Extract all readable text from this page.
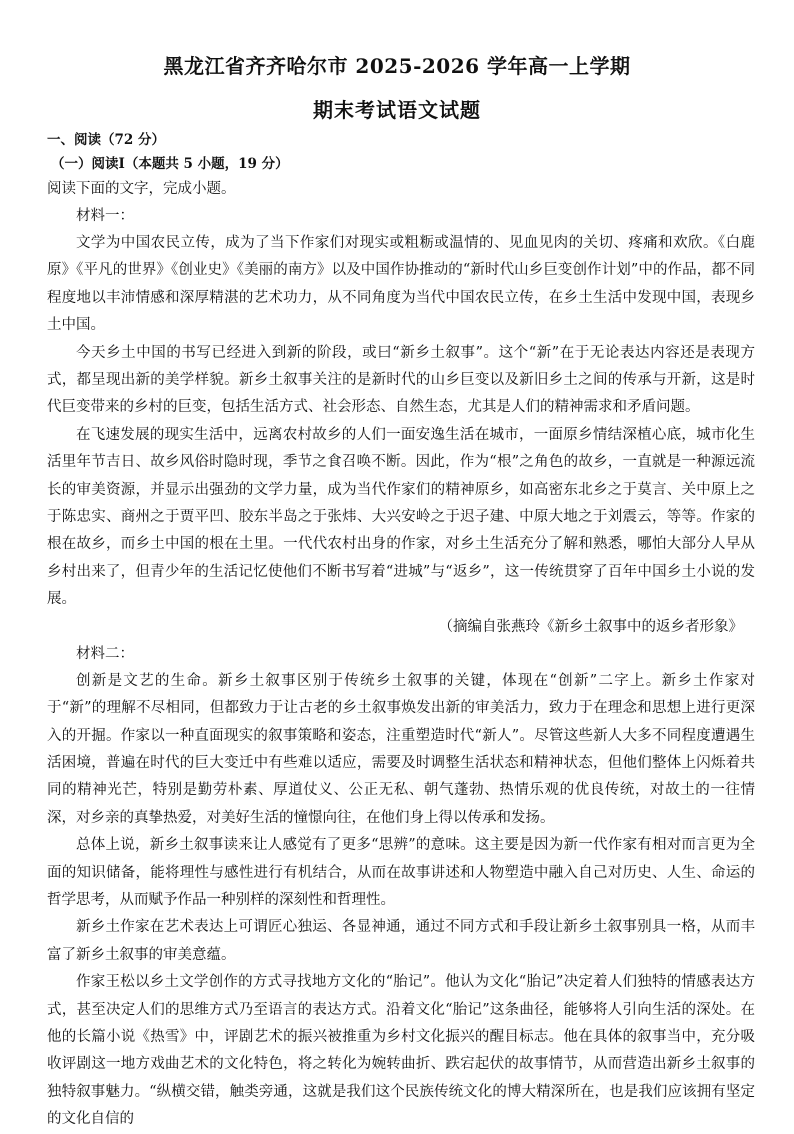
黑龙江省齐齐哈尔市 2025-2026 学年高一上学期
期末考试语文试题

一、阅读（72 分）

（一）阅读Ⅰ（本题共 5 小题，19 分）

阅读下面的文字，完成小题。

材料一：

文学为中国农民立传，成为了当下作家们对现实或粗粝或温情的、见血见肉的关切、疼痛和欢欣。《白鹿原》《平凡的世界》《创业史》《美丽的南方》以及中国作协推动的“新时代山乡巨变创作计划”中的作品，都不同程度地以丰沛情感和深厚精湛的艺术功力，从不同角度为当代中国农民立传，在乡土生活中发现中国，表现乡土中国。

今天乡土中国的书写已经进入到新的阶段，或曰“新乡土叙事”。这个“新”在于无论表达内容还是表现方式，都呈现出新的美学样貌。新乡土叙事关注的是新时代的山乡巨变以及新旧乡土之间的传承与开新，这是时代巨变带来的乡村的巨变，包括生活方式、社会形态、自然生态，尤其是人们的精神需求和矛盾问题。

在飞速发展的现实生活中，远离农村故乡的人们一面安逸生活在城市，一面原乡情结深植心底，城市化生活里年节吉日、故乡风俗时隐时现，季节之食召唤不断。因此，作为“根”之角色的故乡，一直就是一种源远流长的审美资源，并显示出强劲的文学力量，成为当代作家们的精神原乡，如高密东北乡之于莫言、关中原上之于陈忠实、商州之于贾平凹、胶东半岛之于张炜、大兴安岭之于迟子建、中原大地之于刘震云，等等。作家的根在故乡，而乡土中国的根在土里。一代代农村出身的作家，对乡土生活充分了解和熟悉，哪怕大部分人早从乡村出来了，但青少年的生活记忆使他们不断书写着“进城”与“返乡”，这一传统贯穿了百年中国乡土小说的发展。

（摘编自张燕玲《新乡土叙事中的返乡者形象》

材料二：

创新是文艺的生命。新乡土叙事区别于传统乡土叙事的关键，体现在“创新”二字上。新乡土作家对于“新”的理解不尽相同，但都致力于让古老的乡土叙事焕发出新的审美活力，致力于在理念和思想上进行更深入的开掘。作家以一种直面现实的叙事策略和姿态，注重塑造时代“新人”。尽管这些新人大多不同程度遭遇生活困境，普遍在时代的巨大变迁中有些难以适应，需要及时调整生活状态和精神状态，但他们整体上闪烁着共同的精神光芒，特别是勤劳朴素、厚道仗义、公正无私、朝气蓬勃、热情乐观的优良传统，对故土的一往情深，对乡亲的真挚热爱，对美好生活的憧憬向往，在他们身上得以传承和发扬。

总体上说，新乡土叙事读来让人感觉有了更多“思辨”的意味。这主要是因为新一代作家有相对而言更为全面的知识储备，能将理性与感性进行有机结合，从而在故事讲述和人物塑造中融入自己对历史、人生、命运的哲学思考，从而赋予作品一种别样的深刻性和哲理性。

新乡土作家在艺术表达上可谓匠心独运、各显神通，通过不同方式和手段让新乡土叙事别具一格，从而丰富了新乡土叙事的审美意蕴。

作家王松以乡土文学创作的方式寻找地方文化的“胎记”。他认为文化“胎记”决定着人们独特的情感表达方式，甚至决定人们的思维方式乃至语言的表达方式。沿着文化“胎记”这条曲径，能够将人引向生活的深处。在他的长篇小说《热雪》中，评剧艺术的振兴被推重为乡村文化振兴的醒目标志。他在具体的叙事当中，充分吸收评剧这一地方戏曲艺术的文化特色，将之转化为婉转曲折、跌宕起伏的故事情节，从而营造出新乡土叙事的独特叙事魅力。“纵横交错，触类旁通，这就是我们这个民族传统文化的博大精深所在，也是我们应该拥有坚定的文化自信的
